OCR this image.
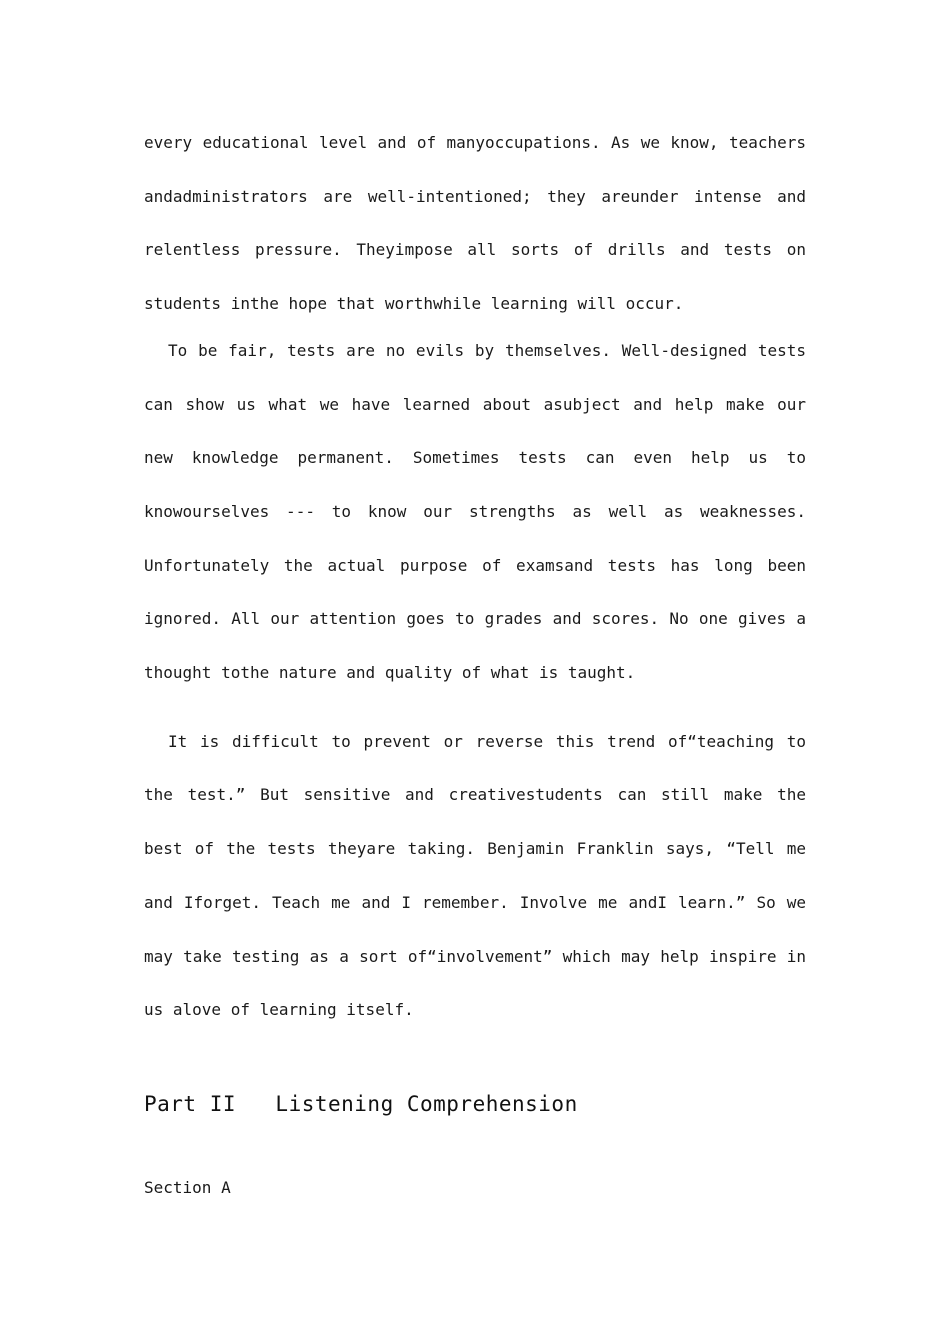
every educational level and of manyoccupations. As we know, teachers andadministrators are well-intentioned; they areunder intense and relentless pressure. Theyimpose all sorts of drills and tests on students inthe hope that worthwhile learning will occur.

To be fair, tests are no evils by themselves. Well-designed tests can show us what we have learned about asubject and help make our new knowledge permanent. Sometimes tests can even help us to knowourselves --- to know our strengths as well as weaknesses. Unfortunately the actual purpose of examsand tests has long been ignored. All our attention goes to grades and scores. No one gives a thought tothe nature and quality of what is taught.

It is difficult to prevent or reverse this trend of“teaching to the test.” But sensitive and creativestudents can still make the best of the tests theyare taking. Benjamin Franklin says, “Tell me and Iforget. Teach me and I remember. Involve me andI learn.” So we may take testing as a sort of“involvement” which may help inspire in us alove of learning itself.

Part II   Listening Comprehension
Section A
